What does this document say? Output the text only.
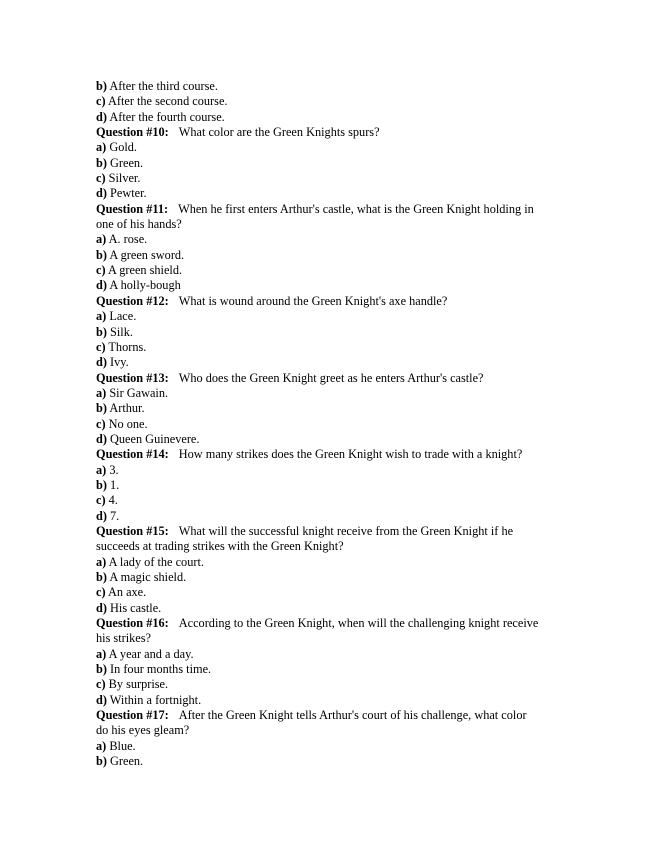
b) After the third course.
c) After the second course.
d) After the fourth course.
Question #10: What color are the Green Knights spurs?
a) Gold.
b) Green.
c) Silver.
d) Pewter.
Question #11: When he first enters Arthur's castle, what is the Green Knight holding in
one of his hands?
a) A. rose.
b) A green sword.
c) A green shield.
d) A holly-bough
Question #12: What is wound around the Green Knight's axe handle?
a) Lace.
b) Silk.
c) Thorns.
d) Ivy.
Question #13: Who does the Green Knight greet as he enters Arthur's castle?
a) Sir Gawain.
b) Arthur.
c) No one.
d) Queen Guinevere.
Question #14: How many strikes does the Green Knight wish to trade with a knight?
a) 3.
b) 1.
c) 4.
d) 7.
Question #15: What will the successful knight receive from the Green Knight if he
succeeds at trading strikes with the Green Knight?
a) A lady of the court.
b) A magic shield.
c) An axe.
d) His castle.
Question #16: According to the Green Knight, when will the challenging knight receive
his strikes?
a) A year and a day.
b) In four months time.
c) By surprise.
d) Within a fortnight.
Question #17: After the Green Knight tells Arthur's court of his challenge, what color
do his eyes gleam?
a) Blue.
b) Green.
